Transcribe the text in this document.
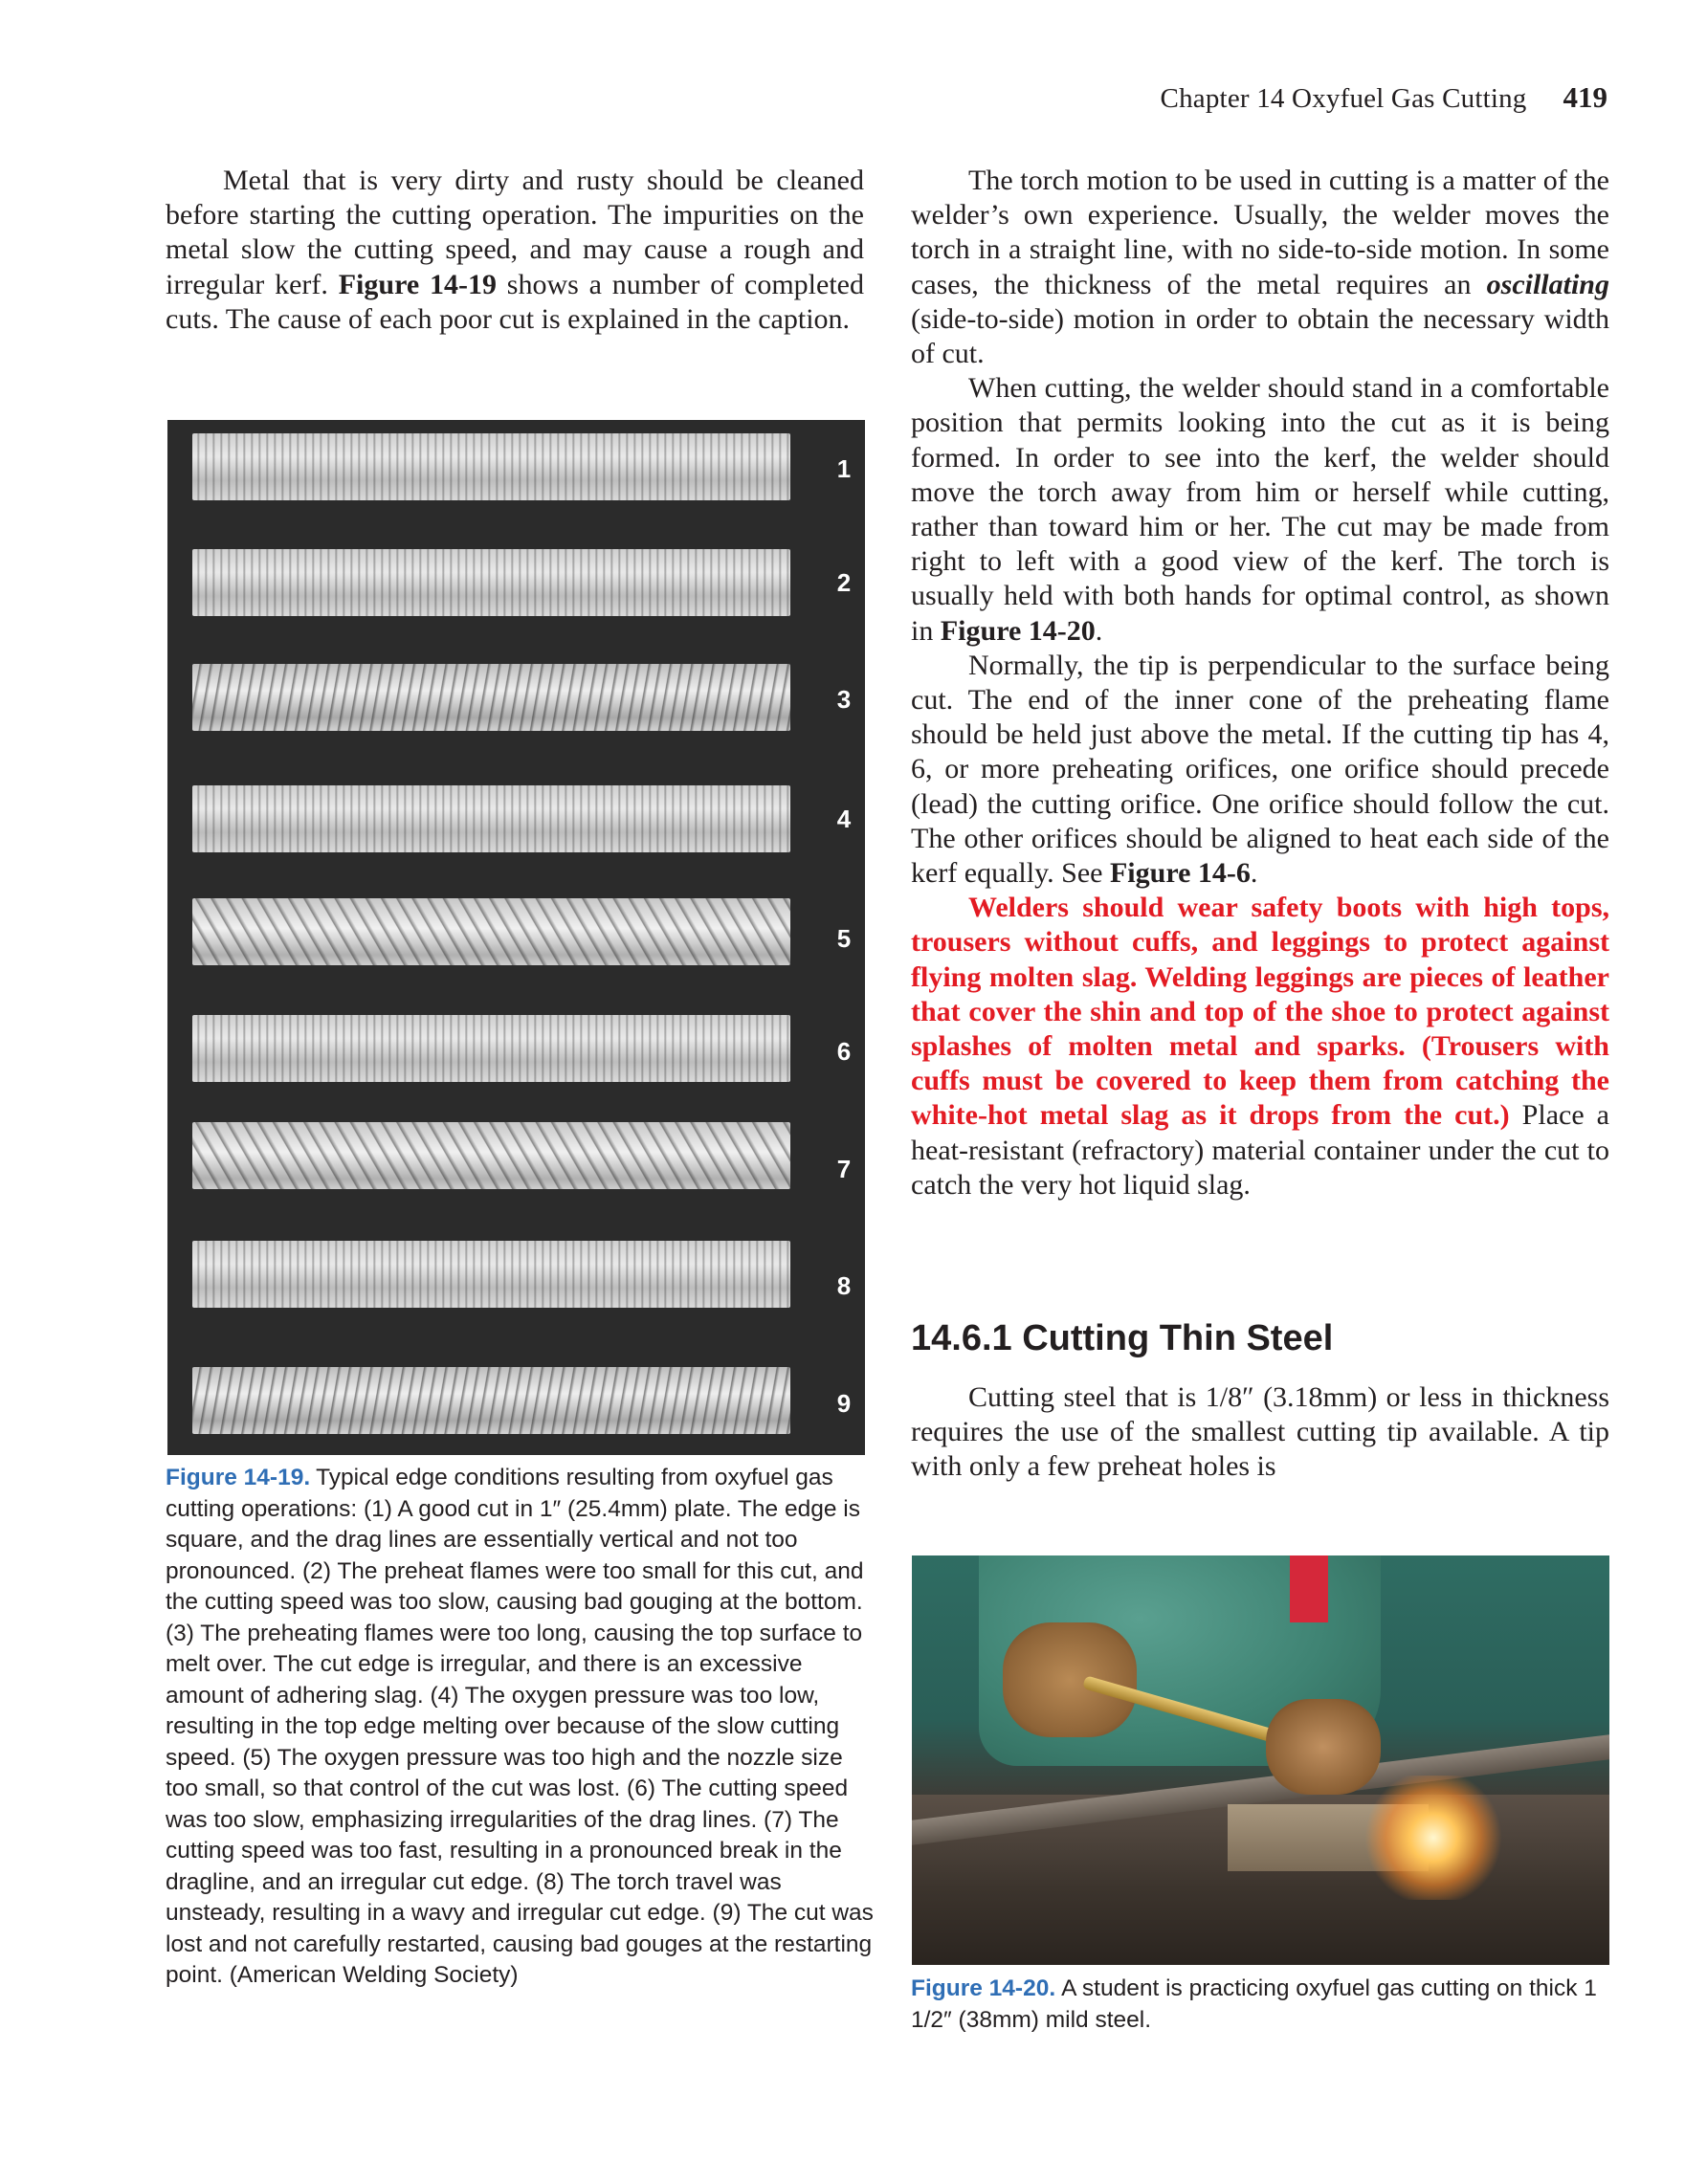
Chapter 14 Oxyfuel Gas Cutting 419

Metal that is very dirty and rusty should be cleaned before starting the cutting operation. The impurities on the metal slow the cutting speed, and may cause a rough and irregular kerf. Figure 14-19 shows a number of completed cuts. The cause of each poor cut is explained in the caption.

1
2
3
4
5
6
7
8
9
Figure 14-19. Typical edge conditions resulting from oxyfuel gas cutting operations: (1) A good cut in 1″ (25.4mm) plate. The edge is square, and the drag lines are essentially vertical and not too pronounced. (2) The preheat flames were too small for this cut, and the cutting speed was too slow, causing bad gouging at the bottom. (3) The preheating flames were too long, causing the top surface to melt over. The cut edge is irregular, and there is an excessive amount of adhering slag. (4) The oxygen pressure was too low, resulting in the top edge melting over because of the slow cutting speed. (5) The oxygen pressure was too high and the nozzle size too small, so that control of the cut was lost. (6) The cutting speed was too slow, emphasizing irregularities of the drag lines. (7) The cutting speed was too fast, resulting in a pronounced break in the dragline, and an irregular cut edge. (8) The torch travel was unsteady, resulting in a wavy and irregular cut edge. (9) The cut was lost and not carefully restarted, causing bad gouges at the restarting point. (American Welding Society)

The torch motion to be used in cutting is a matter of the welder’s own experience. Usually, the welder moves the torch in a straight line, with no side-to-side motion. In some cases, the thickness of the metal requires an oscillating (side-to-side) motion in order to obtain the necessary width of cut.

When cutting, the welder should stand in a comfortable position that permits looking into the cut as it is being formed. In order to see into the kerf, the welder should move the torch away from him or herself while cutting, rather than toward him or her. The cut may be made from right to left with a good view of the kerf. The torch is usually held with both hands for optimal control, as shown in Figure 14-20.

Normally, the tip is perpendicular to the surface being cut. The end of the inner cone of the preheating flame should be held just above the metal. If the cutting tip has 4, 6, or more preheating orifices, one orifice should precede (lead) the cutting orifice. One orifice should follow the cut. The other orifices should be aligned to heat each side of the kerf equally. See Figure 14-6.

Welders should wear safety boots with high tops, trousers without cuffs, and leggings to protect against flying molten slag. Welding leggings are pieces of leather that cover the shin and top of the shoe to protect against splashes of molten metal and sparks. (Trousers with cuffs must be covered to keep them from catching the white-hot metal slag as it drops from the cut.) Place a heat-resistant (refractory) material container under the cut to catch the very hot liquid slag.

14.6.1 Cutting Thin Steel

Cutting steel that is 1/8″ (3.18mm) or less in thickness requires the use of the smallest cutting tip available. A tip with only a few preheat holes is

Figure 14-20. A student is practicing oxyfuel gas cutting on thick 1 1/2″ (38mm) mild steel.
